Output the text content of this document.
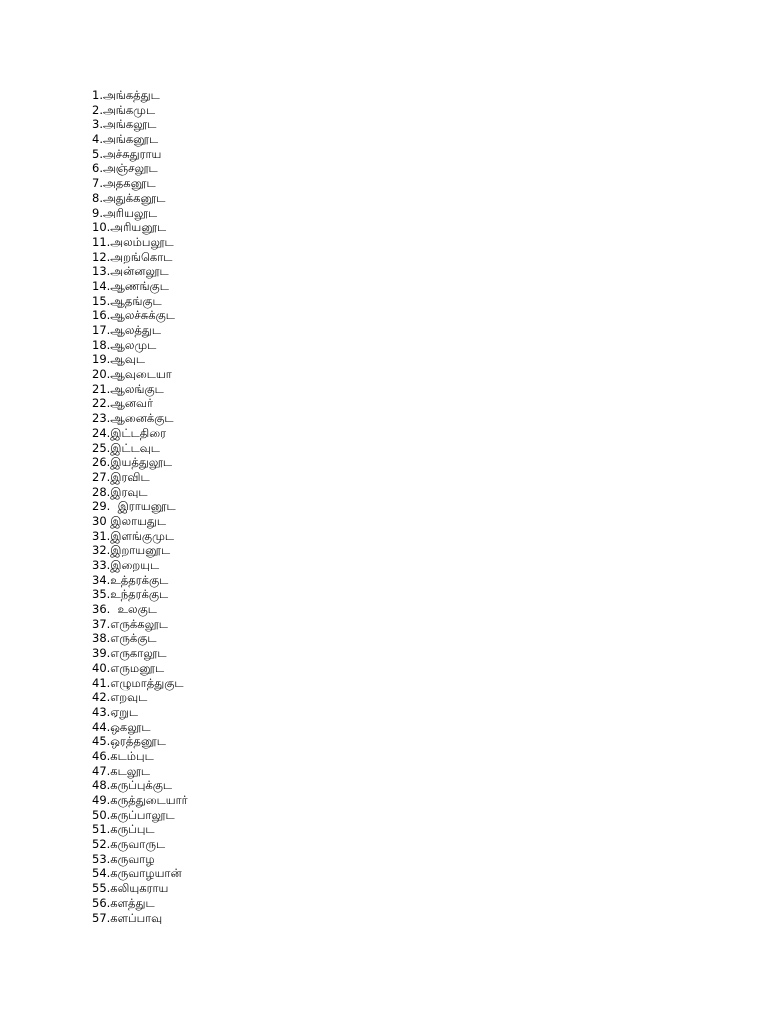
1.அங்கத்துட
2.அங்கமுட
3.அங்கலூட
4.அங்கனூட
5.அச்சுதுராய
6.அஞ்சலூட
7.அதகனூட
8.அதுக்கனூட
9.அரியலூட
10.அரியனூட
11.அலம்பலூட
12.அறங்கொட
13.அன்னலூட
14.ஆணங்குட
15.ஆதங்குட
16.ஆலச்சுக்குட
17.ஆலத்துட
18.ஆலமுட
19.ஆவுட
20.ஆவுடையா
21.ஆலங்குட
22.ஆனவர்
23.ஆனைக்குட
24.இட்டதிரை
25.இட்டவுட
26.இயத்துலூட
27.இரவிட
28.இரவுட
29.  இராயனூட
30 இலாயதுட
31.இளங்குமுட
32.இறாயனூட
33.இறையுட
34.உத்தரக்குட
35.உந்தரக்குட
36.  உலகுட
37.எருக்கலூட
38.எருக்குட
39.எருகாலூட
40.எருமனூட
41.எழுமாத்துகுட
42.எறவுட
43.ஏறுட
44.ஒகலூட
45.ஒரத்தனூட
46.கடம்புட
47.கடலூட
48.கருப்புக்குட
49.கருத்துடையார்
50.கருப்பாலூட
51.கருப்புட
52.கருவாருட
53.கருவாழ
54.கருவாழயான்
55.கலியுகராய
56.களத்துட
57.களப்பாவு
